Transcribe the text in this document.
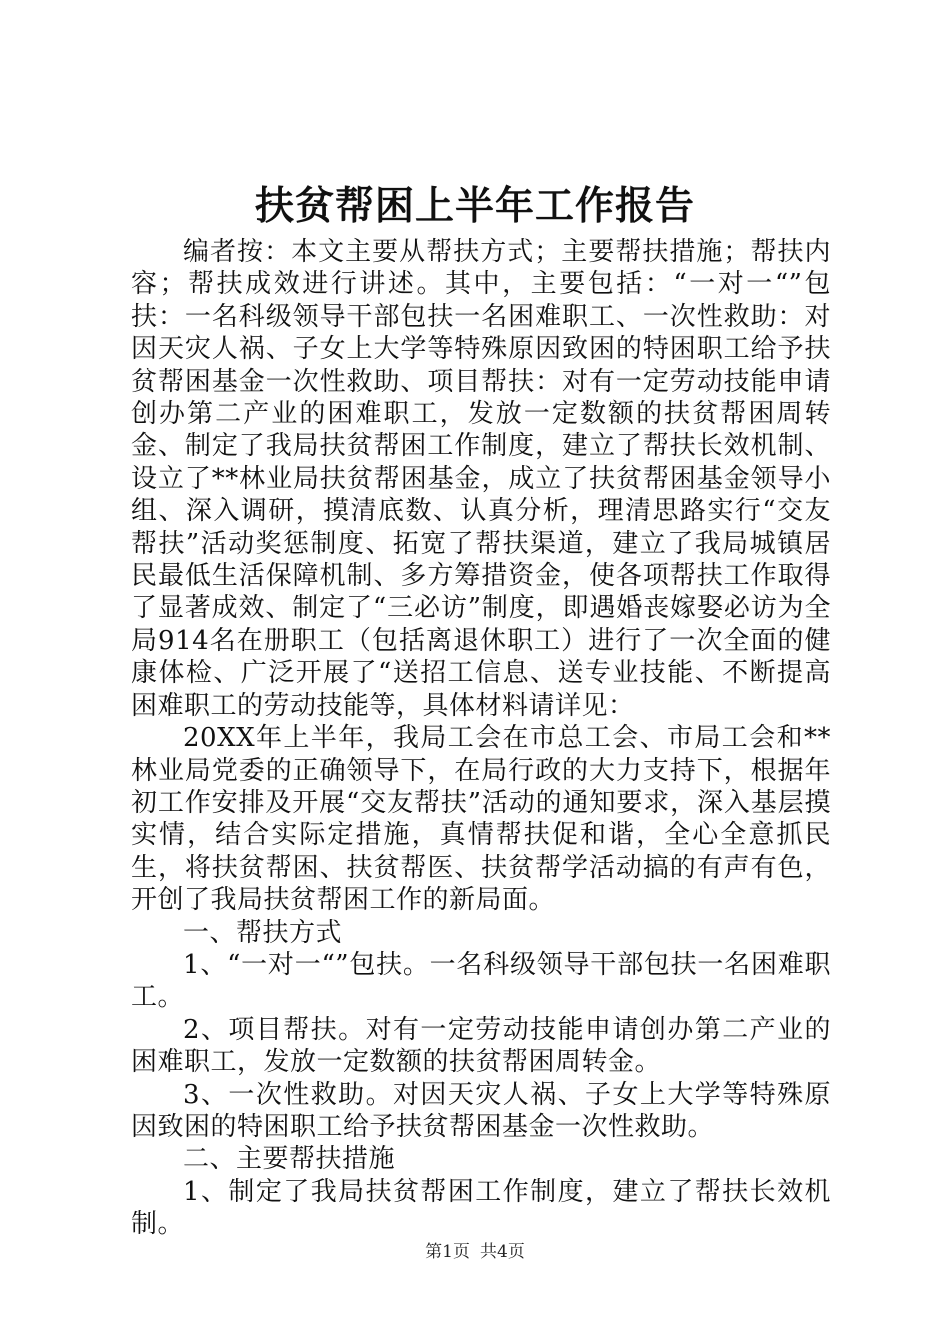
扶贫帮困上半年工作报告

编者按：本文主要从帮扶方式；主要帮扶措施；帮扶内容；帮扶成效进行讲述。其中，主要包括：“一对一“”包扶：一名科级领导干部包扶一名困难职工、一次性救助：对因天灾人祸、子女上大学等特殊原因致困的特困职工给予扶贫帮困基金一次性救助、项目帮扶：对有一定劳动技能申请创办第二产业的困难职工，发放一定数额的扶贫帮困周转金、制定了我局扶贫帮困工作制度，建立了帮扶长效机制、设立了**林业局扶贫帮困基金，成立了扶贫帮困基金领导小组、深入调研，摸清底数、认真分析，理清思路实行“交友帮扶”活动奖惩制度、拓宽了帮扶渠道，建立了我局城镇居民最低生活保障机制、多方筹措资金，使各项帮扶工作取得了显著成效、制定了“三必访”制度，即遇婚丧嫁娶必访为全局914名在册职工（包括离退休职工）进行了一次全面的健康体检、广泛开展了“送招工信息、送专业技能、不断提高困难职工的劳动技能等，具体材料请详见：

20XX年上半年，我局工会在市总工会、市局工会和**林业局党委的正确领导下，在局行政的大力支持下，根据年初工作安排及开展“交友帮扶”活动的通知要求，深入基层摸实情，结合实际定措施，真情帮扶促和谐，全心全意抓民生，将扶贫帮困、扶贫帮医、扶贫帮学活动搞的有声有色，开创了我局扶贫帮困工作的新局面。

一、帮扶方式

1、“一对一“”包扶。一名科级领导干部包扶一名困难职工。

2、项目帮扶。对有一定劳动技能申请创办第二产业的困难职工，发放一定数额的扶贫帮困周转金。

3、一次性救助。对因天灾人祸、子女上大学等特殊原因致困的特困职工给予扶贫帮困基金一次性救助。

二、主要帮扶措施

1、制定了我局扶贫帮困工作制度，建立了帮扶长效机制。

第1页 共4页
